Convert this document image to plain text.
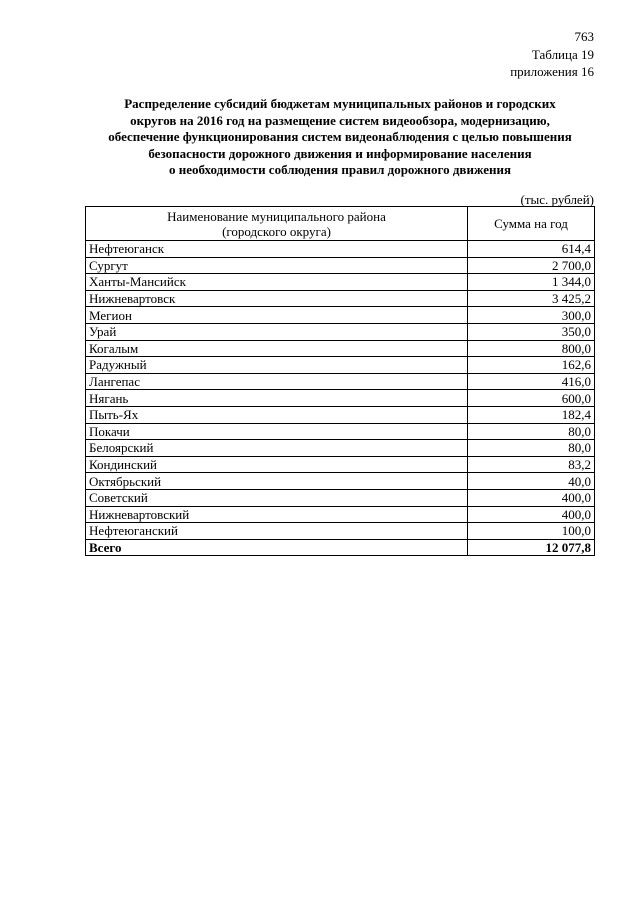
763
Таблица 19
приложения 16
Распределение субсидий бюджетам муниципальных районов и городских
округов на 2016 год на размещение систем видеообзора, модернизацию,
обеспечение функционирования систем видеонаблюдения с целью повышения
безопасности дорожного движения и информирование населения
о необходимости соблюдения правил дорожного движения
(тыс. рублей)
Наименование муниципального района
(городского округа)	Сумма на год
Нефтеюганск	614,4
Сургут	2 700,0
Ханты-Мансийск	1 344,0
Нижневартовск	3 425,2
Мегион	300,0
Урай	350,0
Когалым	800,0
Радужный	162,6
Лангепас	416,0
Нягань	600,0
Пыть-Ях	182,4
Покачи	80,0
Белоярский	80,0
Кондинский	83,2
Октябрьский	40,0
Советский	400,0
Нижневартовский	400,0
Нефтеюганский	100,0
Всего	12 077,8
